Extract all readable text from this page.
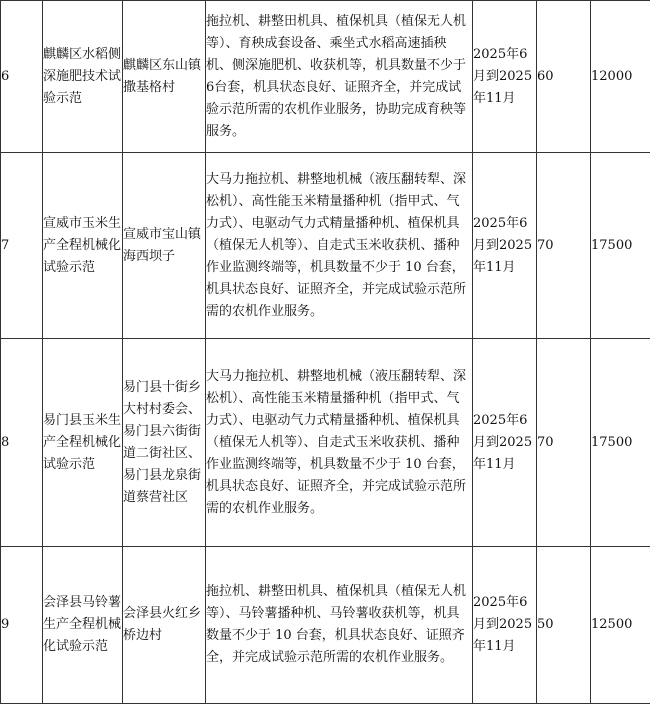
6	麒麟区水稻侧深施肥技术试验示范	麒麟区东山镇撒基格村	拖拉机、耕整田机具、植保机具（植保无人机等）、育秧成套设备、乘坐式水稻高速插秧机、侧深施肥机、收获机等，机具数量不少于6台套，机具状态良好、证照齐全，并完成试验示范所需的农机作业服务，协助完成育秧等服务。	2025年6月到2025年11月	60	12000
7	宣威市玉米生产全程机械化试验示范	宣威市宝山镇海西坝子	大马力拖拉机、耕整地机械（液压翻转犁、深松机）、高性能玉米精量播种机（指甲式、气力式）、电驱动气力式精量播种机、植保机具（植保无人机等）、自走式玉米收获机、播种作业监测终端等，机具数量不少于 10 台套，机具状态良好、证照齐全，并完成试验示范所需的农机作业服务。	2025年6月到2025年11月	70	17500
8	易门县玉米生产全程机械化试验示范	易门县十街乡大村村委会、易门县六街街道二街社区、易门县龙泉街道蔡营社区	大马力拖拉机、耕整地机械（液压翻转犁、深松机）、高性能玉米精量播种机（指甲式、气力式）、电驱动气力式精量播种机、植保机具（植保无人机等）、自走式玉米收获机、播种作业监测终端等，机具数量不少于 10 台套，机具状态良好、证照齐全，并完成试验示范所需的农机作业服务。	2025年6月到2025年11月	70	17500
9	会泽县马铃薯生产全程机械化试验示范	会泽县火红乡桥边村	拖拉机、耕整田机具、植保机具（植保无人机等）、马铃薯播种机、马铃薯收获机等，机具数量不少于 10 台套，机具状态良好、证照齐全，并完成试验示范所需的农机作业服务。	2025年6月到2025年11月	50	12500
